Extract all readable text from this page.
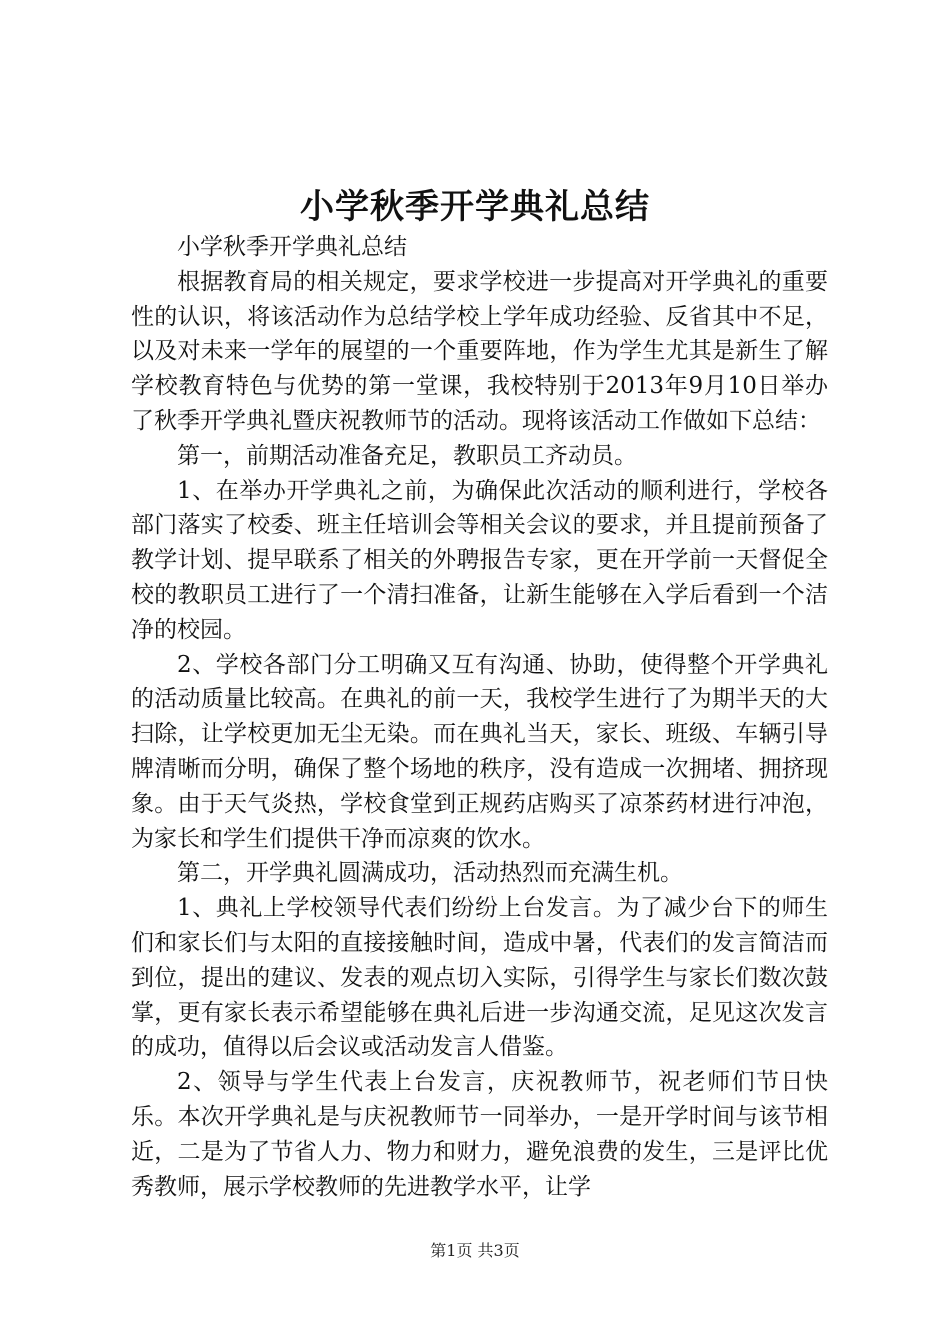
小学秋季开学典礼总结

小学秋季开学典礼总结

根据教育局的相关规定，要求学校进一步提高对开学典礼的重要性的认识，将该活动作为总结学校上学年成功经验、反省其中不足，以及对未来一学年的展望的一个重要阵地，作为学生尤其是新生了解学校教育特色与优势的第一堂课，我校特别于2013年9月10日举办了秋季开学典礼暨庆祝教师节的活动。现将该活动工作做如下总结：

第一，前期活动准备充足，教职员工齐动员。

1、在举办开学典礼之前，为确保此次活动的顺利进行，学校各部门落实了校委、班主任培训会等相关会议的要求，并且提前预备了教学计划、提早联系了相关的外聘报告专家，更在开学前一天督促全校的教职员工进行了一个清扫准备，让新生能够在入学后看到一个洁净的校园。

2、学校各部门分工明确又互有沟通、协助，使得整个开学典礼的活动质量比较高。在典礼的前一天，我校学生进行了为期半天的大扫除，让学校更加无尘无染。而在典礼当天，家长、班级、车辆引导牌清晰而分明，确保了整个场地的秩序，没有造成一次拥堵、拥挤现象。由于天气炎热，学校食堂到正规药店购买了凉茶药材进行冲泡，为家长和学生们提供干净而凉爽的饮水。

第二，开学典礼圆满成功，活动热烈而充满生机。

1、典礼上学校领导代表们纷纷上台发言。为了减少台下的师生们和家长们与太阳的直接接触时间，造成中暑，代表们的发言简洁而到位，提出的建议、发表的观点切入实际，引得学生与家长们数次鼓掌，更有家长表示希望能够在典礼后进一步沟通交流，足见这次发言的成功，值得以后会议或活动发言人借鉴。

2、领导与学生代表上台发言，庆祝教师节，祝老师们节日快乐。本次开学典礼是与庆祝教师节一同举办，一是开学时间与该节相近，二是为了节省人力、物力和财力，避免浪费的发生，三是评比优秀教师，展示学校教师的先进教学水平，让学

第1页 共3页
